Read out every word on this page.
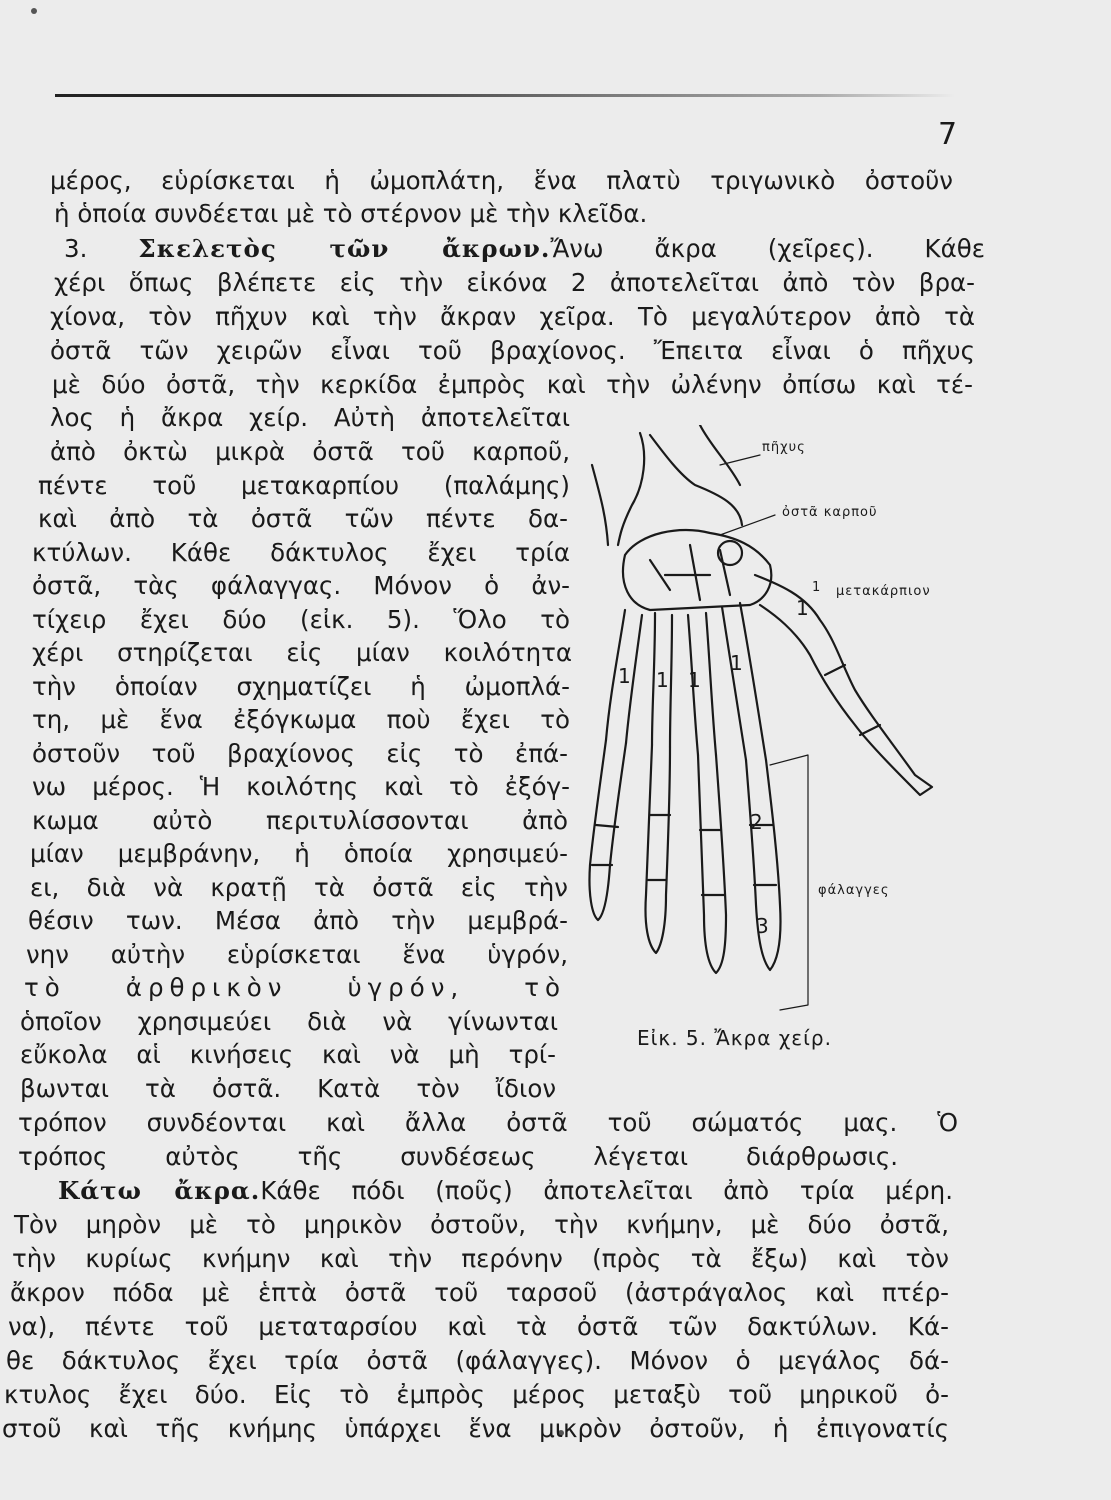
7

μέρος, εὑρίσκεται ἡ ὠμοπλάτη, ἕνα πλατὺ τριγωνικὸ ὀστοῦν

ἡ ὁποία συνδέεται μὲ τὸ στέρνον μὲ τὴν κλεῖδα.

3. Σκελετὸς τῶν ἄκρων.Ἄνω ἄκρα (χεῖρες). Κάθε

χέρι ὅπως βλέπετε εἰς τὴν εἰκόνα 2 ἀποτελεῖται ἀπὸ τὸν βρα-

χίονα, τὸν πῆχυν καὶ τὴν ἄκραν χεῖρα. Τὸ μεγαλύτερον ἀπὸ τὰ

ὀστᾶ τῶν χειρῶν εἶναι τοῦ βραχίονος. Ἔπειτα εἶναι ὁ πῆχυς

μὲ δύο ὀστᾶ, τὴν κερκίδα ἐμπρὸς καὶ τὴν ὠλένην ὀπίσω καὶ τέ-

λος ἡ ἄκρα χείρ. Αὐτὴ ἀποτελεῖται

ἀπὸ ὀκτὼ μικρὰ ὀστᾶ τοῦ καρποῦ,

πέντε τοῦ μετακαρπίου (παλάμης)

καὶ ἀπὸ τὰ ὀστᾶ τῶν πέντε δα-

κτύλων. Κάθε δάκτυλος ἔχει τρία

ὀστᾶ, τὰς φάλαγγας. Μόνον ὁ ἀν-

τίχειρ ἔχει δύο (εἰκ. 5). Ὅλο τὸ

χέρι στηρίζεται εἰς μίαν κοιλότητα

τὴν ὁποίαν σχηματίζει ἡ ὠμοπλά-

τη, μὲ ἕνα ἐξόγκωμα ποὺ ἔχει τὸ

ὀστοῦν τοῦ βραχίονος εἰς τὸ ἐπά-

νω μέρος. Ἡ κοιλότης καὶ τὸ ἐξόγ-

κωμα αὐτὸ περιτυλίσσονται ἀπὸ

μίαν μεμβράνην, ἡ ὁποία χρησιμεύ-

ει, διὰ νὰ κρατῇ τὰ ὀστᾶ εἰς τὴν

θέσιν των. Μέσα ἀπὸ τὴν μεμβρά-

νην αὐτὴν εὑρίσκεται ἕνα ὑγρόν,

τὸ ἀρθρικὸν ὑγρόν, τὸ

ὁποῖον χρησιμεύει διὰ νὰ γίνωνται

εὔκολα αἱ κινήσεις καὶ νὰ μὴ τρί-

βωνται τὰ ὀστᾶ. Κατὰ τὸν ἴδιον

τρόπον συνδέονται καὶ ἄλλα ὀστᾶ τοῦ σώματός μας. Ὁ

τρόπος αὐτὸς τῆς συνδέσεως λέγεται διάρθρωσις.

Κάτω ἄκρα.Κάθε πόδι (ποῦς) ἀποτελεῖται ἀπὸ τρία μέρη.

Τὸν μηρὸν μὲ τὸ μηρικὸν ὀστοῦν, τὴν κνήμην, μὲ δύο ὀστᾶ,

τὴν κυρίως κνήμην καὶ τὴν περόνην (πρὸς τὰ ἔξω) καὶ τὸν

ἄκρον πόδα μὲ ἑπτὰ ὀστᾶ τοῦ ταρσοῦ (ἀστράγαλος καὶ πτέρ-

να), πέντε τοῦ μεταταρσίου καὶ τὰ ὀστᾶ τῶν δακτύλων. Κά-

θε δάκτυλος ἔχει τρία ὀστᾶ (φάλαγγες). Μόνον ὁ μεγάλος δά-

κτυλος ἔχει δύο. Εἰς τὸ ἐμπρὸς μέρος μεταξὺ τοῦ μηρικοῦ ὀ-

στοῦ καὶ τῆς κνήμης ὑπάρχει ἕνα μικρὸν ὀστοῦν, ἡ ἐπιγονατίς

1 1 1
1
1
2
3
πῆχυς
ὀστᾶ καρποῦ
1 μετακάρπιον
φάλαγγες
Εἰκ. 5. Ἄκρα χείρ.
